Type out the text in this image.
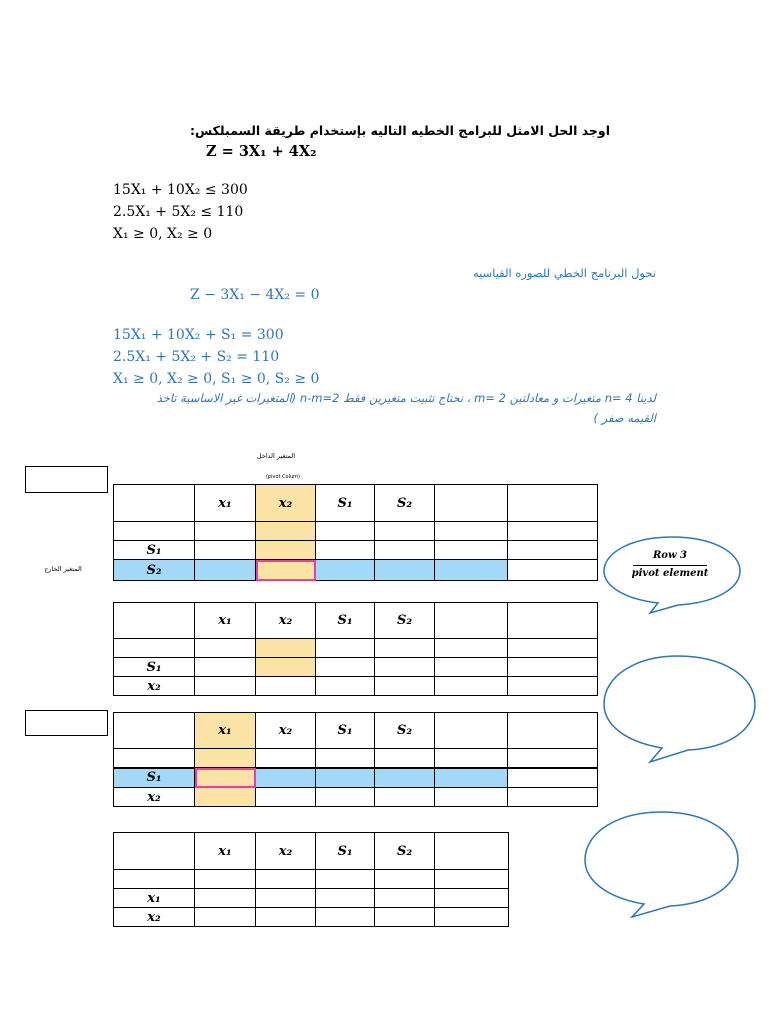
اوجد الحل الامثل للبرامج الخطيه التاليه بإستخدام طريقة السمبلكس:
Z = 3X₁ + 4X₂
15X₁ + 10X₂ ≤ 300
2.5X₁ + 5X₂ ≤ 110
X₁ ≥ 0, X₂ ≥ 0
نحول البرنامج الخطي للصوره القياسيه
Z − 3X₁ − 4X₂ = 0
15X₁ + 10X₂ + S₁ = 300
2.5X₁ + 5X₂ + S₂ = 110
X₁ ≥ 0, X₂ ≥ 0, S₁ ≥ 0, S₂ ≥ 0
لدينا n= 4 متغيرات و معادلتين m= 2 ، نحتاج تثبيت متغيرين فقط n-m=2 (المتغيرات غير الاساسية تاخذ
القيمه صفر )
المتغير الداخل
(pivot Colum)
المتغير الخارج
	x₁	x₂	S₁	S₂		

S₁						
S₂						
	x₁	x₂	S₁	S₂		

S₁						
x₂						
	x₁	x₂	S₁	S₂		

S₁						
x₂						
	x₁	x₂	S₁	S₂	

x₁					
x₂					
Row 3
pivot element
